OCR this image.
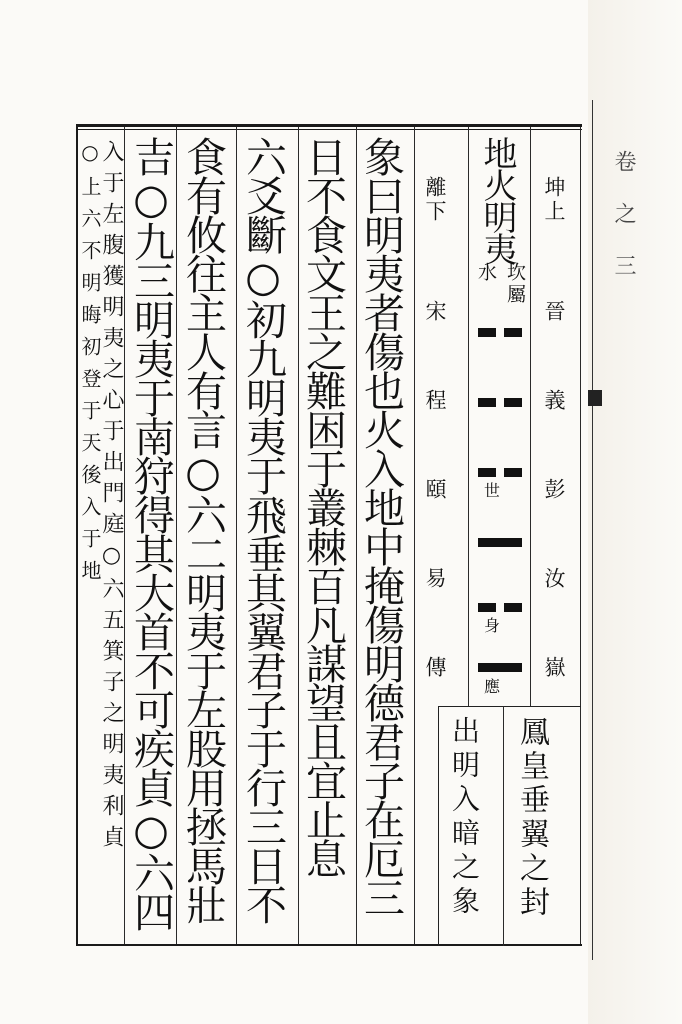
卷之三
坤上
晉 義 彭 汝 嶽
地火明夷
坎屬
水
離下
宋 程 頤 易 傳 世
身
應
鳳皇垂翼之封
出明入暗之象
象曰明夷者傷也火入地中掩傷明德君子在厄三
日不食文王之難困于叢棘百凡謀望且宜止息
六爻斷○初九明夷于飛垂其翼君子于行三日不
食有攸往主人有言○六二明夷于左股用拯馬壯
吉○九三明夷于南狩得其大首不可疾貞○六四
入于左腹獲明夷之心于出門庭○六五箕子之明夷利貞
○上六不明晦初登于天後入于地
